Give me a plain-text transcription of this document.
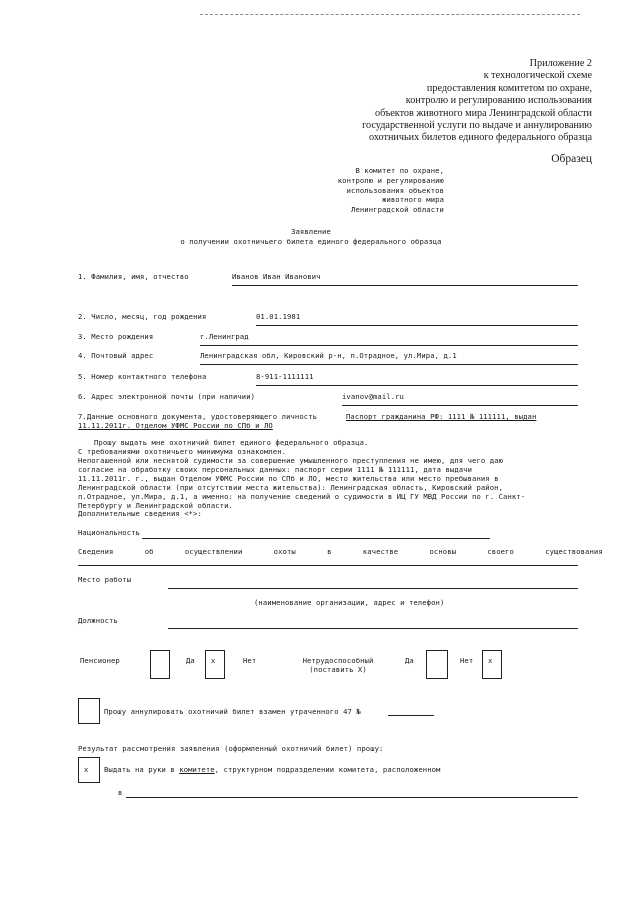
Приложение 2
к технологической схеме
предоставления комитетом по охране,
контролю и регулированию использования
объектов животного мира Ленинградской области
государственной услуги по выдаче и аннулированию
охотничьих билетов единого федерального образца
Образец
В комитет по охране,
контролю и регулированию
использования объектов
животного мира
Ленинградской области
Заявление
о получении охотничьего билета единого федерального образца
1. Фамилия, имя, отчество	Иванов Иван Иванович
2. Число, месяц, год рождения	01.01.1981
3. Место рождения	г.Ленинград
4. Почтовый адрес	Ленинградская обл, Кировский р-н, п.Отрадное, ул.Мира, д.1
5. Номер контактного телефона	8-911-1111111
6. Адрес электронной почты (при наличии)	ivanov@mail.ru
7.Данные основного документа, удостоверяющего личность	Паспорт гражданина РФ: 1111 № 111111, выдан
11.11.2011г. Отделом УФМС России по СПб и ЛО
Прошу выдать мне охотничий билет единого федерального образца.
С требованиями охотничьего минимума ознакомлен.
Непогашенной или неснятой судимости за совершение умышленного преступления не имею, для чего даю
согласие на обработку своих персональных данных: паспорт серии 1111 № 111111, дата выдачи
11.11.2011г. г., выдан Отделом УФМС России по СПб и ЛО, место жительства или место пребывания в
Ленинградской области (при отсутствии места жительства): Ленинградская область, Кировский район,
п.Отрадное, ул.Мира, д.1, а именно: на получение сведений о судимости в ИЦ ГУ МВД России по г. Санкт-
Петербургу и Ленинградской области.
Дополнительные сведения <*>:
Национальность
Сведения   об   осуществлении   охоты   в   качестве   основы   своего   существования
Место работы
(наименование организации, адрес и телефон)
Должность
Пенсионер	Да х	Нет	Нетрудоспособный
(поставить Х)
Да	Нет х
Прошу аннулировать охотничий билет взамен утраченного 47 №
Результат рассмотрения заявления (оформленный охотничий билет) прошу:
х Выдать на руки в комитете, структурном подразделении комитета, расположенном
в
